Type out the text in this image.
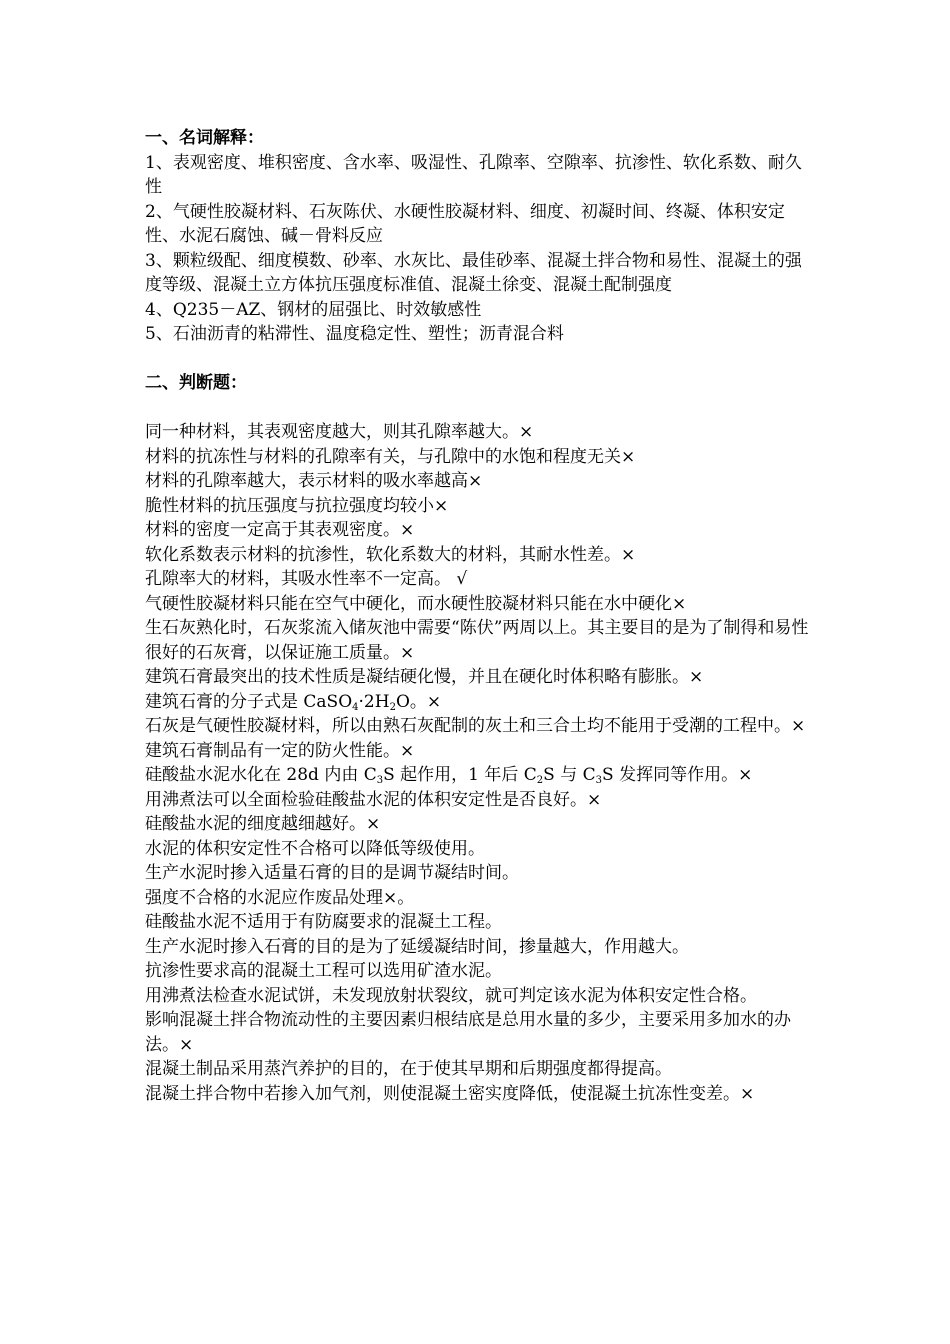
一、名词解释：

1、表观密度、堆积密度、含水率、吸湿性、孔隙率、空隙率、抗渗性、软化系数、耐久性

2、气硬性胶凝材料、石灰陈伏、水硬性胶凝材料、细度、初凝时间、终凝、体积安定性、水泥石腐蚀、碱－骨料反应

3、颗粒级配、细度模数、砂率、水灰比、最佳砂率、混凝土拌合物和易性、混凝土的强度等级、混凝土立方体抗压强度标准值、混凝土徐变、混凝土配制强度

4、Q235－AZ、钢材的屈强比、时效敏感性

5、石油沥青的粘滞性、温度稳定性、塑性；沥青混合料

二、判断题：

同一种材料，其表观密度越大，则其孔隙率越大。×

材料的抗冻性与材料的孔隙率有关，与孔隙中的水饱和程度无关×

材料的孔隙率越大，表示材料的吸水率越高×

脆性材料的抗压强度与抗拉强度均较小×

材料的密度一定高于其表观密度。×

软化系数表示材料的抗渗性，软化系数大的材料，其耐水性差。×

孔隙率大的材料，其吸水性率不一定高。 √

气硬性胶凝材料只能在空气中硬化，而水硬性胶凝材料只能在水中硬化×

生石灰熟化时，石灰浆流入储灰池中需要“陈伏”两周以上。其主要目的是为了制得和易性很好的石灰膏，以保证施工质量。×

建筑石膏最突出的技术性质是凝结硬化慢，并且在硬化时体积略有膨胀。×

建筑石膏的分子式是 $CaSO_4\cdot 2H_2O$。×

石灰是气硬性胶凝材料，所以由熟石灰配制的灰土和三合土均不能用于受潮的工程中。×

建筑石膏制品有一定的防火性能。×

硅酸盐水泥水化在 28d 内由 $C_3S$ 起作用，1 年后 $C_2S$ 与 $C_3S$ 发挥同等作用。×

用沸煮法可以全面检验硅酸盐水泥的体积安定性是否良好。×

硅酸盐水泥的细度越细越好。×

水泥的体积安定性不合格可以降低等级使用。

生产水泥时掺入适量石膏的目的是调节凝结时间。

强度不合格的水泥应作废品处理×。

硅酸盐水泥不适用于有防腐要求的混凝土工程。

生产水泥时掺入石膏的目的是为了延缓凝结时间，掺量越大，作用越大。

抗渗性要求高的混凝土工程可以选用矿渣水泥。

用沸煮法检查水泥试饼，未发现放射状裂纹，就可判定该水泥为体积安定性合格。

影响混凝土拌合物流动性的主要因素归根结底是总用水量的多少，主要采用多加水的办法。×

混凝土制品采用蒸汽养护的目的，在于使其早期和后期强度都得提高。

混凝土拌合物中若掺入加气剂，则使混凝土密实度降低，使混凝土抗冻性变差。×
